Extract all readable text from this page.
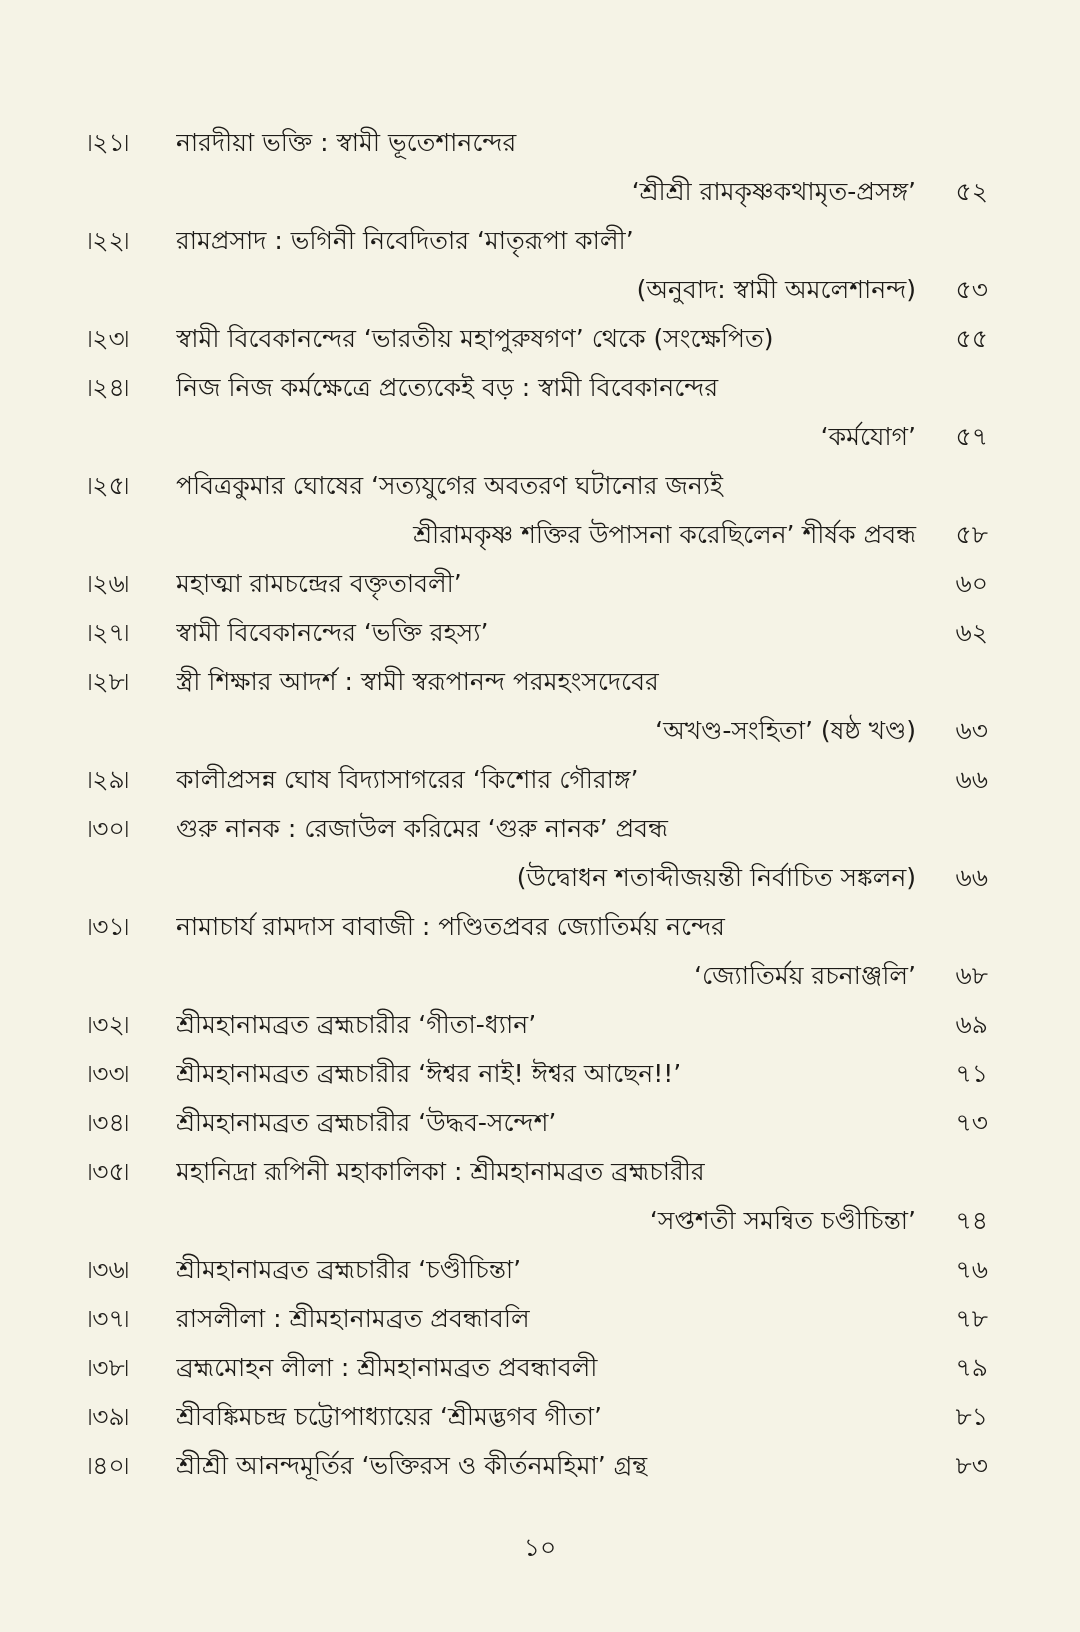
৷২১৷	নারদীয়া ভক্তি : স্বামী ভূতেশানন্দের
‘শ্রীশ্রী রামকৃষ্ণকথামৃত-প্রসঙ্গ’	৫২
৷২২৷	রামপ্রসাদ : ভগিনী নিবেদিতার ‘মাতৃরূপা কালী’
(অনুবাদ: স্বামী অমলেশানন্দ)	৫৩
৷২৩৷	স্বামী বিবেকানন্দের ‘ভারতীয় মহাপুরুষগণ’ থেকে (সংক্ষেপিত)	৫৫
৷২৪৷	নিজ নিজ কর্মক্ষেত্রে প্রত্যেকেই বড় : স্বামী বিবেকানন্দের
‘কর্মযোগ’	৫৭
৷২৫৷	পবিত্রকুমার ঘোষের ‘সত্যযুগের অবতরণ ঘটানোর জন্যই
শ্রীরামকৃষ্ণ শক্তির উপাসনা করেছিলেন’ শীর্ষক প্রবন্ধ	৫৮
৷২৬৷	মহাত্মা রামচন্দ্রের বক্তৃতাবলী’	৬০
৷২৭৷	স্বামী বিবেকানন্দের ‘ভক্তি রহস্য’	৬২
৷২৮৷	স্ত্রী শিক্ষার আদর্শ : স্বামী স্বরূপানন্দ পরমহংসদেবের
‘অখণ্ড-সংহিতা’ (ষষ্ঠ খণ্ড)	৬৩
৷২৯৷	কালীপ্রসন্ন ঘোষ বিদ্যাসাগরের ‘কিশোর গৌরাঙ্গ’	৬৬
৷৩০৷	গুরু নানক : রেজাউল করিমের ‘গুরু নানক’ প্রবন্ধ
(উদ্বোধন শতাব্দীজয়ন্তী নির্বাচিত সঙ্কলন)	৬৬
৷৩১৷	নামাচার্য রামদাস বাবাজী : পণ্ডিতপ্রবর জ্যোতির্ময় নন্দের
‘জ্যোতির্ময় রচনাঞ্জলি’	৬৮
৷৩২৷	শ্রীমহানামব্রত ব্রহ্মচারীর ‘গীতা-ধ্যান’	৬৯
৷৩৩৷	শ্রীমহানামব্রত ব্রহ্মচারীর ‘ঈশ্বর নাই! ঈশ্বর আছেন!!’	৭১
৷৩৪৷	শ্রীমহানামব্রত ব্রহ্মচারীর ‘উদ্ধব-সন্দেশ’	৭৩
৷৩৫৷	মহানিদ্রা রূপিনী মহাকালিকা : শ্রীমহানামব্রত ব্রহ্মচারীর
‘সপ্তশতী সমন্বিত চণ্ডীচিন্তা’	৭৪
৷৩৬৷	শ্রীমহানামব্রত ব্রহ্মচারীর ‘চণ্ডীচিন্তা’	৭৬
৷৩৭৷	রাসলীলা : শ্রীমহানামব্রত প্রবন্ধাবলি	৭৮
৷৩৮৷	ব্রহ্মমোহন লীলা : শ্রীমহানামব্রত প্রবন্ধাবলী	৭৯
৷৩৯৷	শ্রীবঙ্কিমচন্দ্র চট্টোপাধ্যায়ের ‘শ্রীমদ্ভগব গীতা’	৮১
৷৪০৷	শ্রীশ্রী আনন্দমূর্তির ‘ভক্তিরস ও কীর্তনমহিমা’ গ্রন্থ	৮৩
১০
